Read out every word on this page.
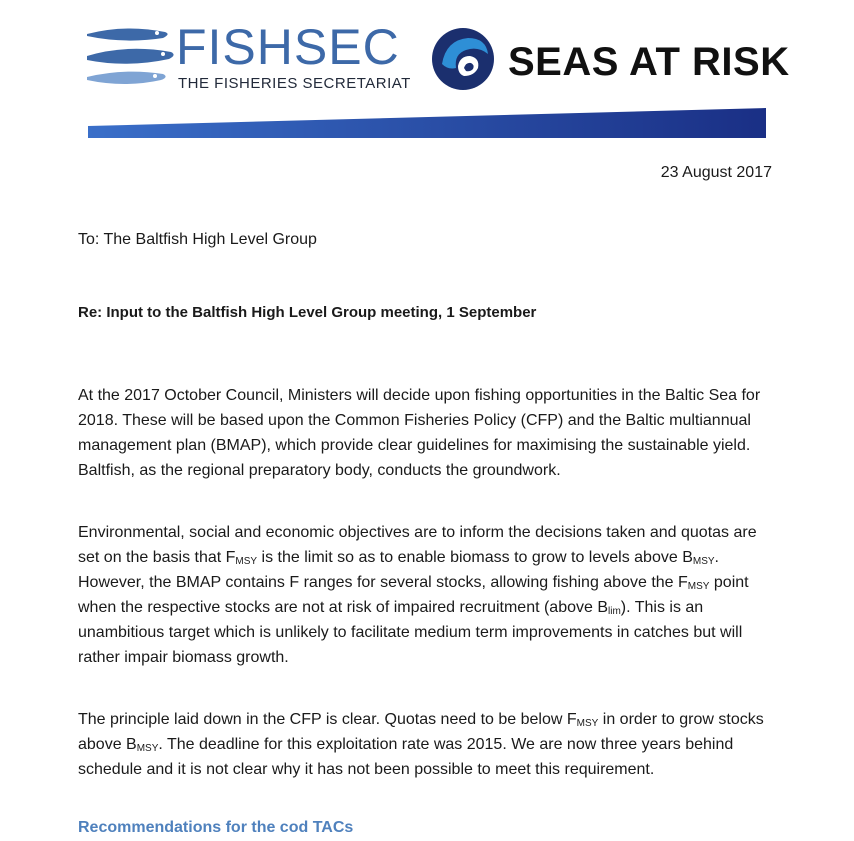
FISHSEC
THE FISHERIES SECRETARIAT SEAS AT RISK
23 August 2017
To: The Baltfish High Level Group
Re: Input to the Baltfish High Level Group meeting, 1 September

At the 2017 October Council, Ministers will decide upon fishing opportunities in the Baltic Sea for 2018. These will be based upon the Common Fisheries Policy (CFP) and the Baltic multiannual management plan (BMAP), which provide clear guidelines for maximising the sustainable yield. Baltfish, as the regional preparatory body, conducts the groundwork.

Environmental, social and economic objectives are to inform the decisions taken and quotas are set on the basis that $F_{MSY}$ is the limit so as to enable biomass to grow to levels above $B_{MSY}$. However, the BMAP contains F ranges for several stocks, allowing fishing above the $F_{MSY}$ point when the respective stocks are not at risk of impaired recruitment (above $B_{lim}$). This is an unambitious target which is unlikely to facilitate medium term improvements in catches but will rather impair biomass growth.

The principle laid down in the CFP is clear. Quotas need to be below $F_{MSY}$ in order to grow stocks above $B_{MSY}$. The deadline for this exploitation rate was 2015. We are now three years behind schedule and it is not clear why it has not been possible to meet this requirement.

Recommendations for the cod TACs
